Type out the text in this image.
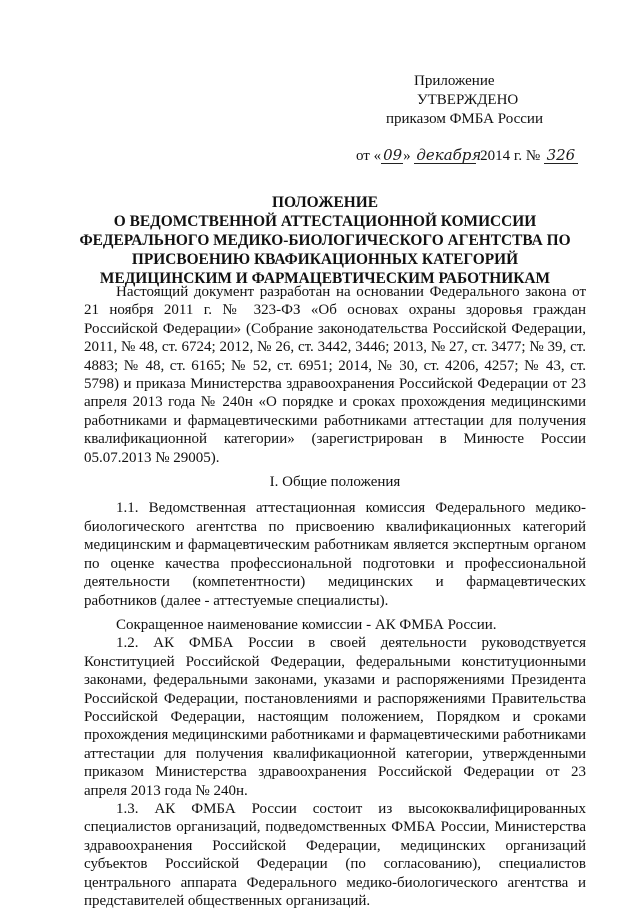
Приложение
УТВЕРЖДЕНО
приказом ФМБА России
от « 09» декабря 2014 г. № 326
ПОЛОЖЕНИЕ
О ВЕДОМСТВЕННОЙ АТТЕСТАЦИОННОЙ КОМИССИИ
ФЕДЕРАЛЬНОГО МЕДИКО-БИОЛОГИЧЕСКОГО АГЕНТСТВА ПО
ПРИСВОЕНИЮ КВАФИКАЦИОННЫХ КАТЕГОРИЙ
МЕДИЦИНСКИМ И ФАРМАЦЕВТИЧЕСКИМ РАБОТНИКАМ

Настоящий документ разработан на основании Федерального закона от 21 ноября 2011 г. № 323-ФЗ «Об основах охраны здоровья граждан Российской Федерации» (Собрание законодательства Российской Федерации, 2011, № 48, ст. 6724; 2012, № 26, ст. 3442, 3446; 2013, № 27, ст. 3477; № 39, ст. 4883; № 48, ст. 6165; № 52, ст. 6951; 2014, № 30, ст. 4206, 4257; № 43, ст. 5798) и приказа Министерства здравоохранения Российской Федерации от 23 апреля 2013 года № 240н «О порядке и сроках прохождения медицинскими работниками и фармацевтическими работниками аттестации для получения квалификационной категории» (зарегистрирован в Минюсте России 05.07.2013 № 29005).

I. Общие положения

1.1. Ведомственная аттестационная комиссия Федерального медико-биологического агентства по присвоению квалификационных категорий медицинским и фармацевтическим работникам является экспертным органом по оценке качества профессиональной подготовки и профессиональной деятельности (компетентности) медицинских и фармацевтических работников (далее - аттестуемые специалисты).

Сокращенное наименование комиссии - АК ФМБА России.

1.2. АК ФМБА России в своей деятельности руководствуется Конституцией Российской Федерации, федеральными конституционными законами, федеральными законами, указами и распоряжениями Президента Российской Федерации, постановлениями и распоряжениями Правительства Российской Федерации, настоящим положением, Порядком и сроками прохождения медицинскими работниками и фармацевтическими работниками аттестации для получения квалификационной категории, утвержденными приказом Министерства здравоохранения Российской Федерации от 23 апреля 2013 года № 240н.

1.3. АК ФМБА России состоит из высококвалифицированных специалистов организаций, подведомственных ФМБА России, Министерства здравоохранения Российской Федерации, медицинских организаций субъектов Российской Федерации (по согласованию), специалистов центрального аппарата Федерального медико-биологического агентства и представителей общественных организаций.
